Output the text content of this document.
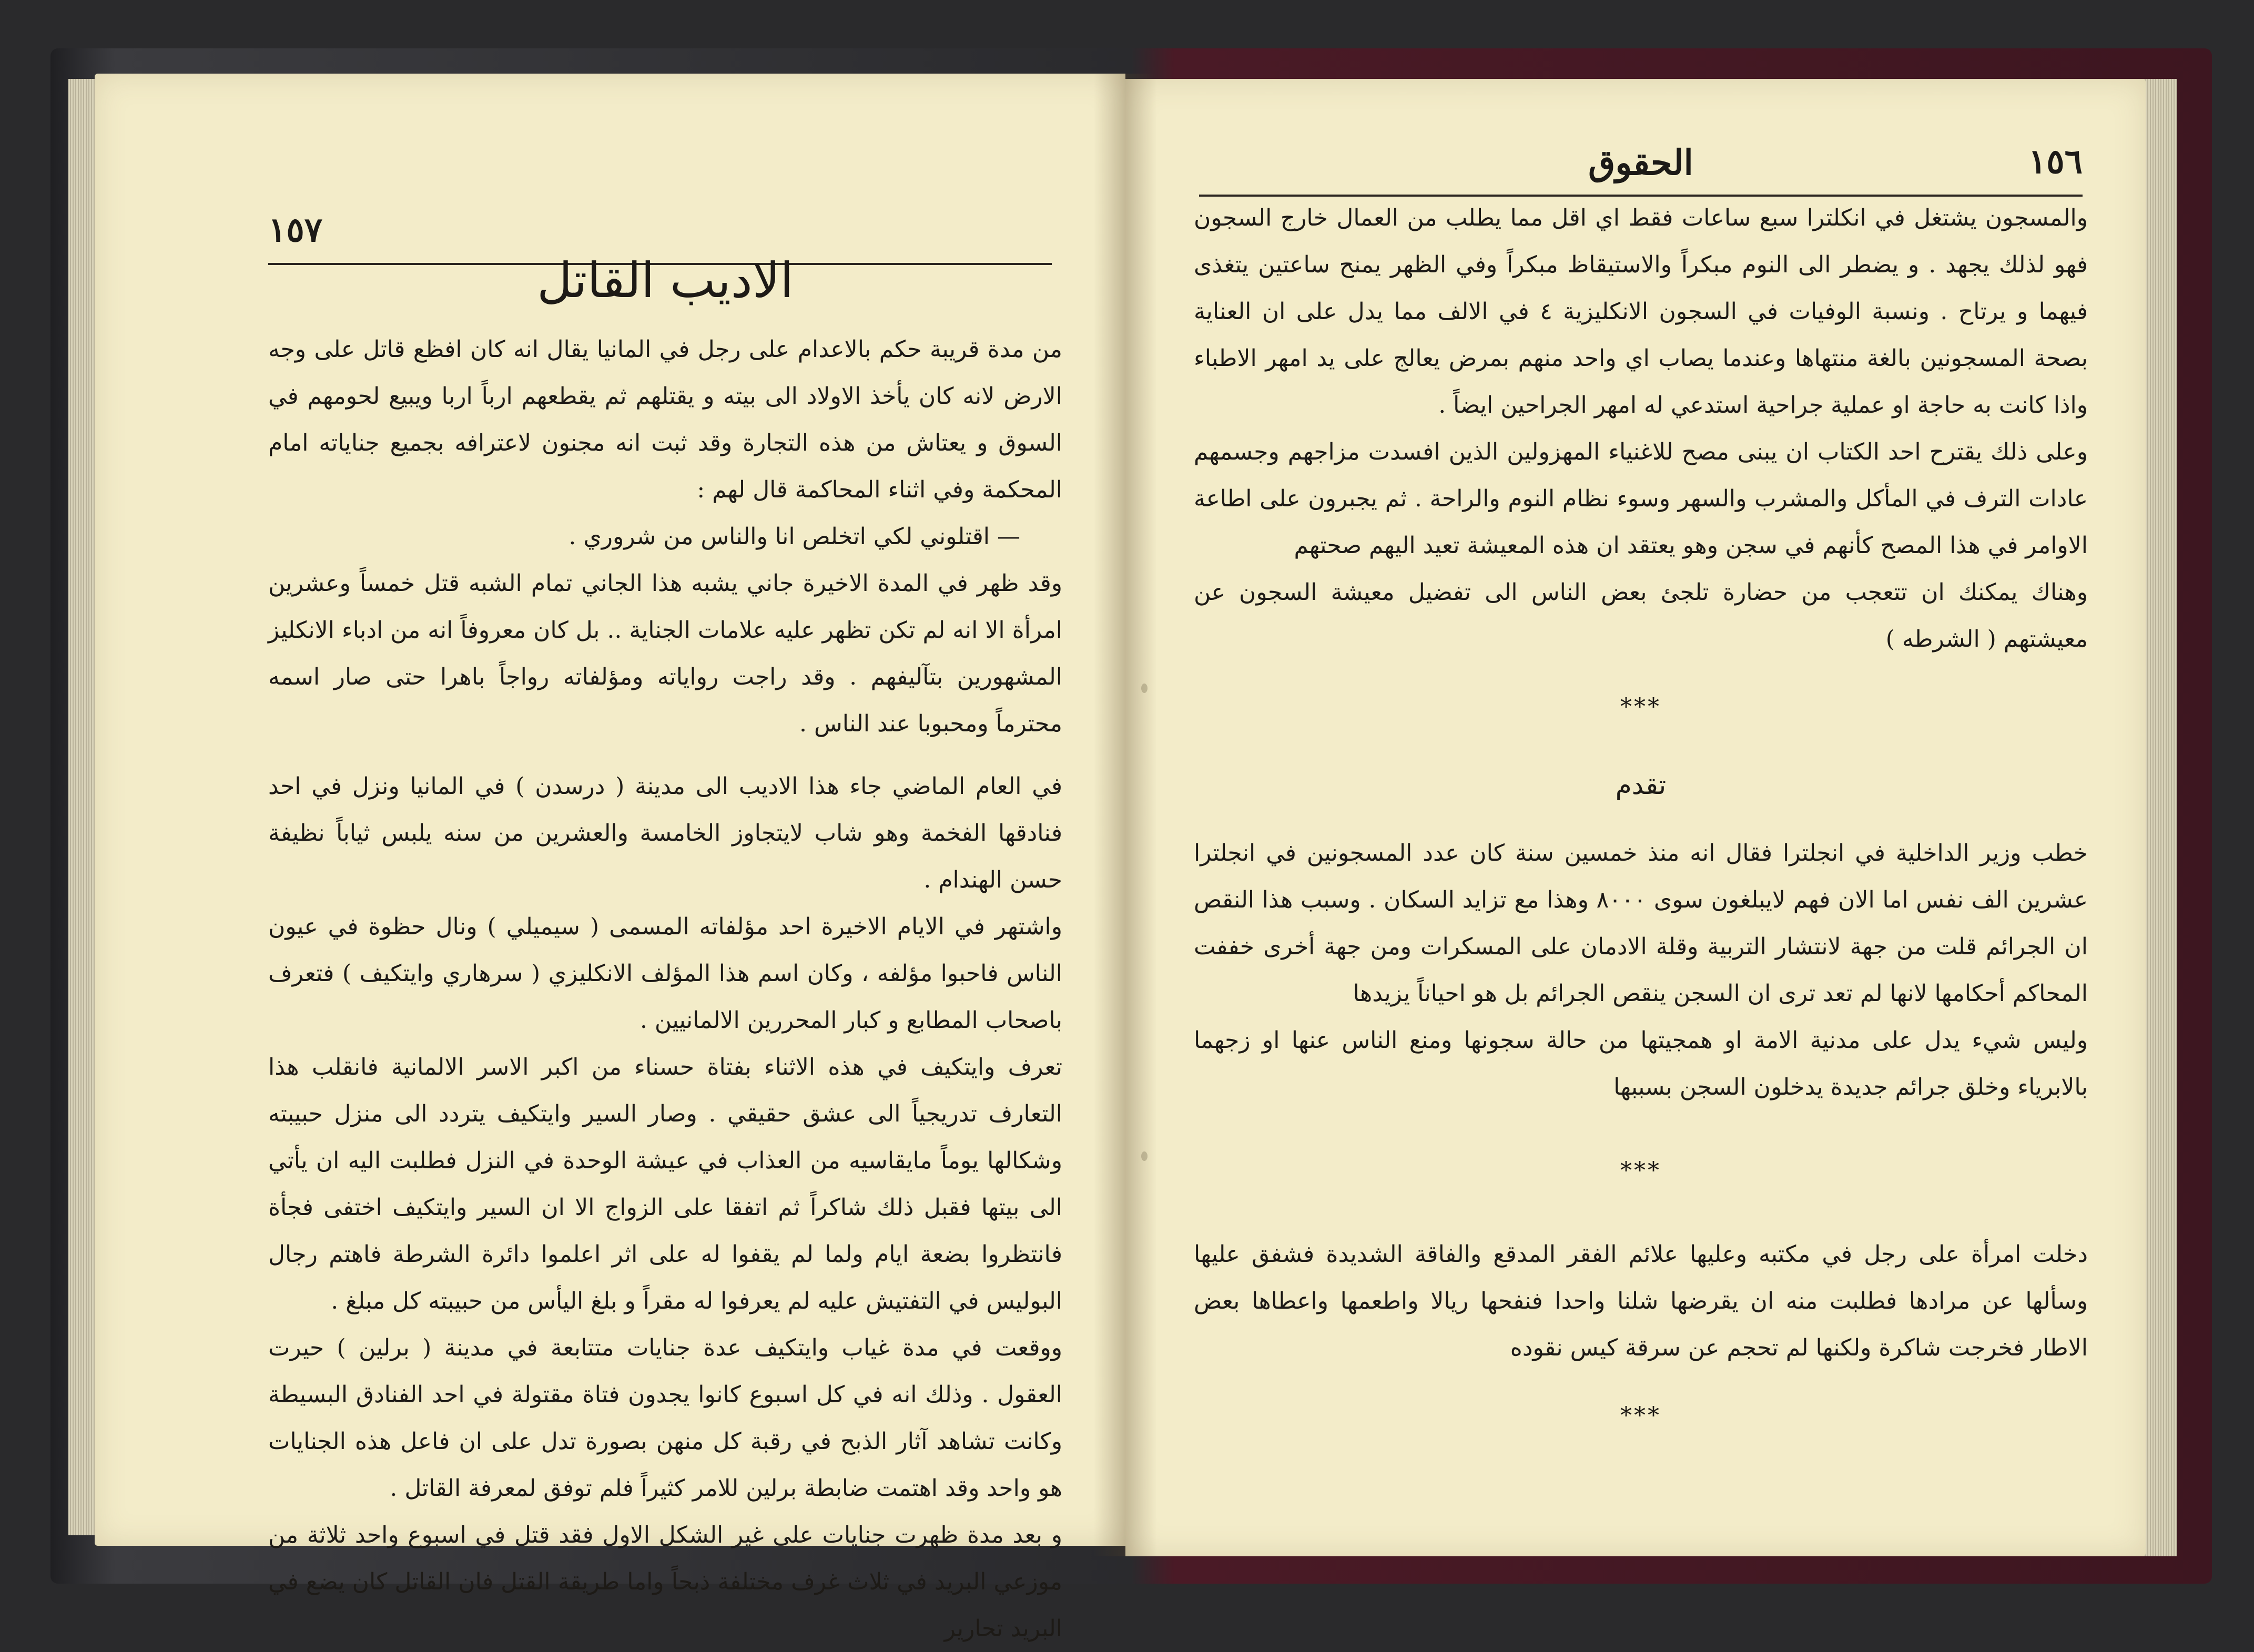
١٥٧
الاديب القاتل

من مدة قريبة حكم بالاعدام على رجل في المانيا يقال انه كان افظع قاتل على وجه الارض لانه كان يأخذ الاولاد الى بيته و يقتلهم ثم يقطعهم ارباً اربا ويبيع لحومهم في السوق و يعتاش من هذه التجارة وقد ثبت انه مجنون لاعترافه بجميع جناياته امام المحكمة وفي اثناء المحاكمة قال لهم :

— اقتلوني لكي اتخلص انا والناس من شروري .

وقد ظهر في المدة الاخيرة جاني يشبه هذا الجاني تمام الشبه قتل خمساً وعشرين امرأة الا انه لم تكن تظهر عليه علامات الجناية .. بل كان معروفاً انه من ادباء الانكليز المشهورين بتآليفهم . وقد راجت رواياته ومؤلفاته رواجاً باهرا حتى صار اسمه محترماً ومحبوبا عند الناس .

في العام الماضي جاء هذا الاديب الى مدينة ( درسدن ) في المانيا ونزل في احد فنادقها الفخمة وهو شاب لايتجاوز الخامسة والعشرين من سنه يلبس ثياباً نظيفة حسن الهندام .

واشتهر في الايام الاخيرة احد مؤلفاته المسمى ( سيميلي ) ونال حظوة في عيون الناس فاحبوا مؤلفه ، وكان اسم هذا المؤلف الانكليزي ( سرهاري وايتكيف ) فتعرف باصحاب المطابع و كبار المحررين الالمانيين .

تعرف وايتكيف في هذه الاثناء بفتاة حسناء من اكبر الاسر الالمانية فانقلب هذا التعارف تدريجياً الى عشق حقيقي . وصار السير وايتكيف يتردد الى منزل حبيبته وشكالها يوماً مايقاسيه من العذاب في عيشة الوحدة في النزل فطلبت اليه ان يأتي الى بيتها فقبل ذلك شاكراً ثم اتفقا على الزواج الا ان السير وايتكيف اختفى فجأة فانتظروا بضعة ايام ولما لم يقفوا له على اثر اعلموا دائرة الشرطة فاهتم رجال البوليس في التفتيش عليه لم يعرفوا له مقراً و بلغ اليأس من حبيبته كل مبلغ .

ووقعت في مدة غياب وايتكيف عدة جنايات متتابعة في مدينة ( برلين ) حيرت العقول . وذلك انه في كل اسبوع كانوا يجدون فتاة مقتولة في احد الفنادق البسيطة وكانت تشاهد آثار الذبح في رقبة كل منهن بصورة تدل على ان فاعل هذه الجنايات هو واحد وقد اهتمت ضابطة برلين للامر كثيراً فلم توفق لمعرفة القاتل .

و بعد مدة ظهرت جنايات على غير الشكل الاول فقد قتل في اسبوع واحد ثلاثة من موزعي البريد في ثلاث غرف مختلفة ذبحاً واما طريقة القتل فان القاتل كان يضع في البريد تحارير

١٥٦
الحقوق

والمسجون يشتغل في انكلترا سبع ساعات فقط اي اقل مما يطلب من العمال خارج السجون فهو لذلك يجهد . و يضطر الى النوم مبكراً والاستيقاظ مبكراً وفي الظهر يمنح ساعتين يتغذى فيهما و يرتاح . ونسبة الوفيات في السجون الانكليزية ٤ في الالف مما يدل على ان العناية بصحة المسجونين بالغة منتهاها وعندما يصاب اي واحد منهم بمرض يعالج على يد امهر الاطباء واذا كانت به حاجة او عملية جراحية استدعي له امهر الجراحين ايضاً .

وعلى ذلك يقترح احد الكتاب ان يبنى مصح للاغنياء المهزولين الذين افسدت مزاجهم وجسمهم عادات الترف في المأكل والمشرب والسهر وسوء نظام النوم والراحة . ثم يجبرون على اطاعة الاوامر في هذا المصح كأنهم في سجن وهو يعتقد ان هذه المعيشة تعيد اليهم صحتهم

وهناك يمكنك ان تتعجب من حضارة تلجئ بعض الناس الى تفضيل معيشة السجون عن معيشتهم ( الشرطه )

***
تقدم

خطب وزير الداخلية في انجلترا فقال انه منذ خمسين سنة كان عدد المسجونين في انجلترا عشرين الف نفس اما الان فهم لايبلغون سوى ٨٠٠٠ وهذا مع تزايد السكان . وسبب هذا النقص ان الجرائم قلت من جهة لانتشار التربية وقلة الادمان على المسكرات ومن جهة أخرى خففت المحاكم أحكامها لانها لم تعد ترى ان السجن ينقص الجرائم بل هو احياناً يزيدها

وليس شيء يدل على مدنية الامة او همجيتها من حالة سجونها ومنع الناس عنها او زجهما بالابرياء وخلق جرائم جديدة يدخلون السجن بسببها

***

دخلت امرأة على رجل في مكتبه وعليها علائم الفقر المدقع والفاقة الشديدة فشفق عليها وسألها عن مرادها فطلبت منه ان يقرضها شلنا واحدا فنفحها ريالا واطعمها واعطاها بعض الاطار فخرجت شاكرة ولكنها لم تحجم عن سرقة كيس نقوده

***
